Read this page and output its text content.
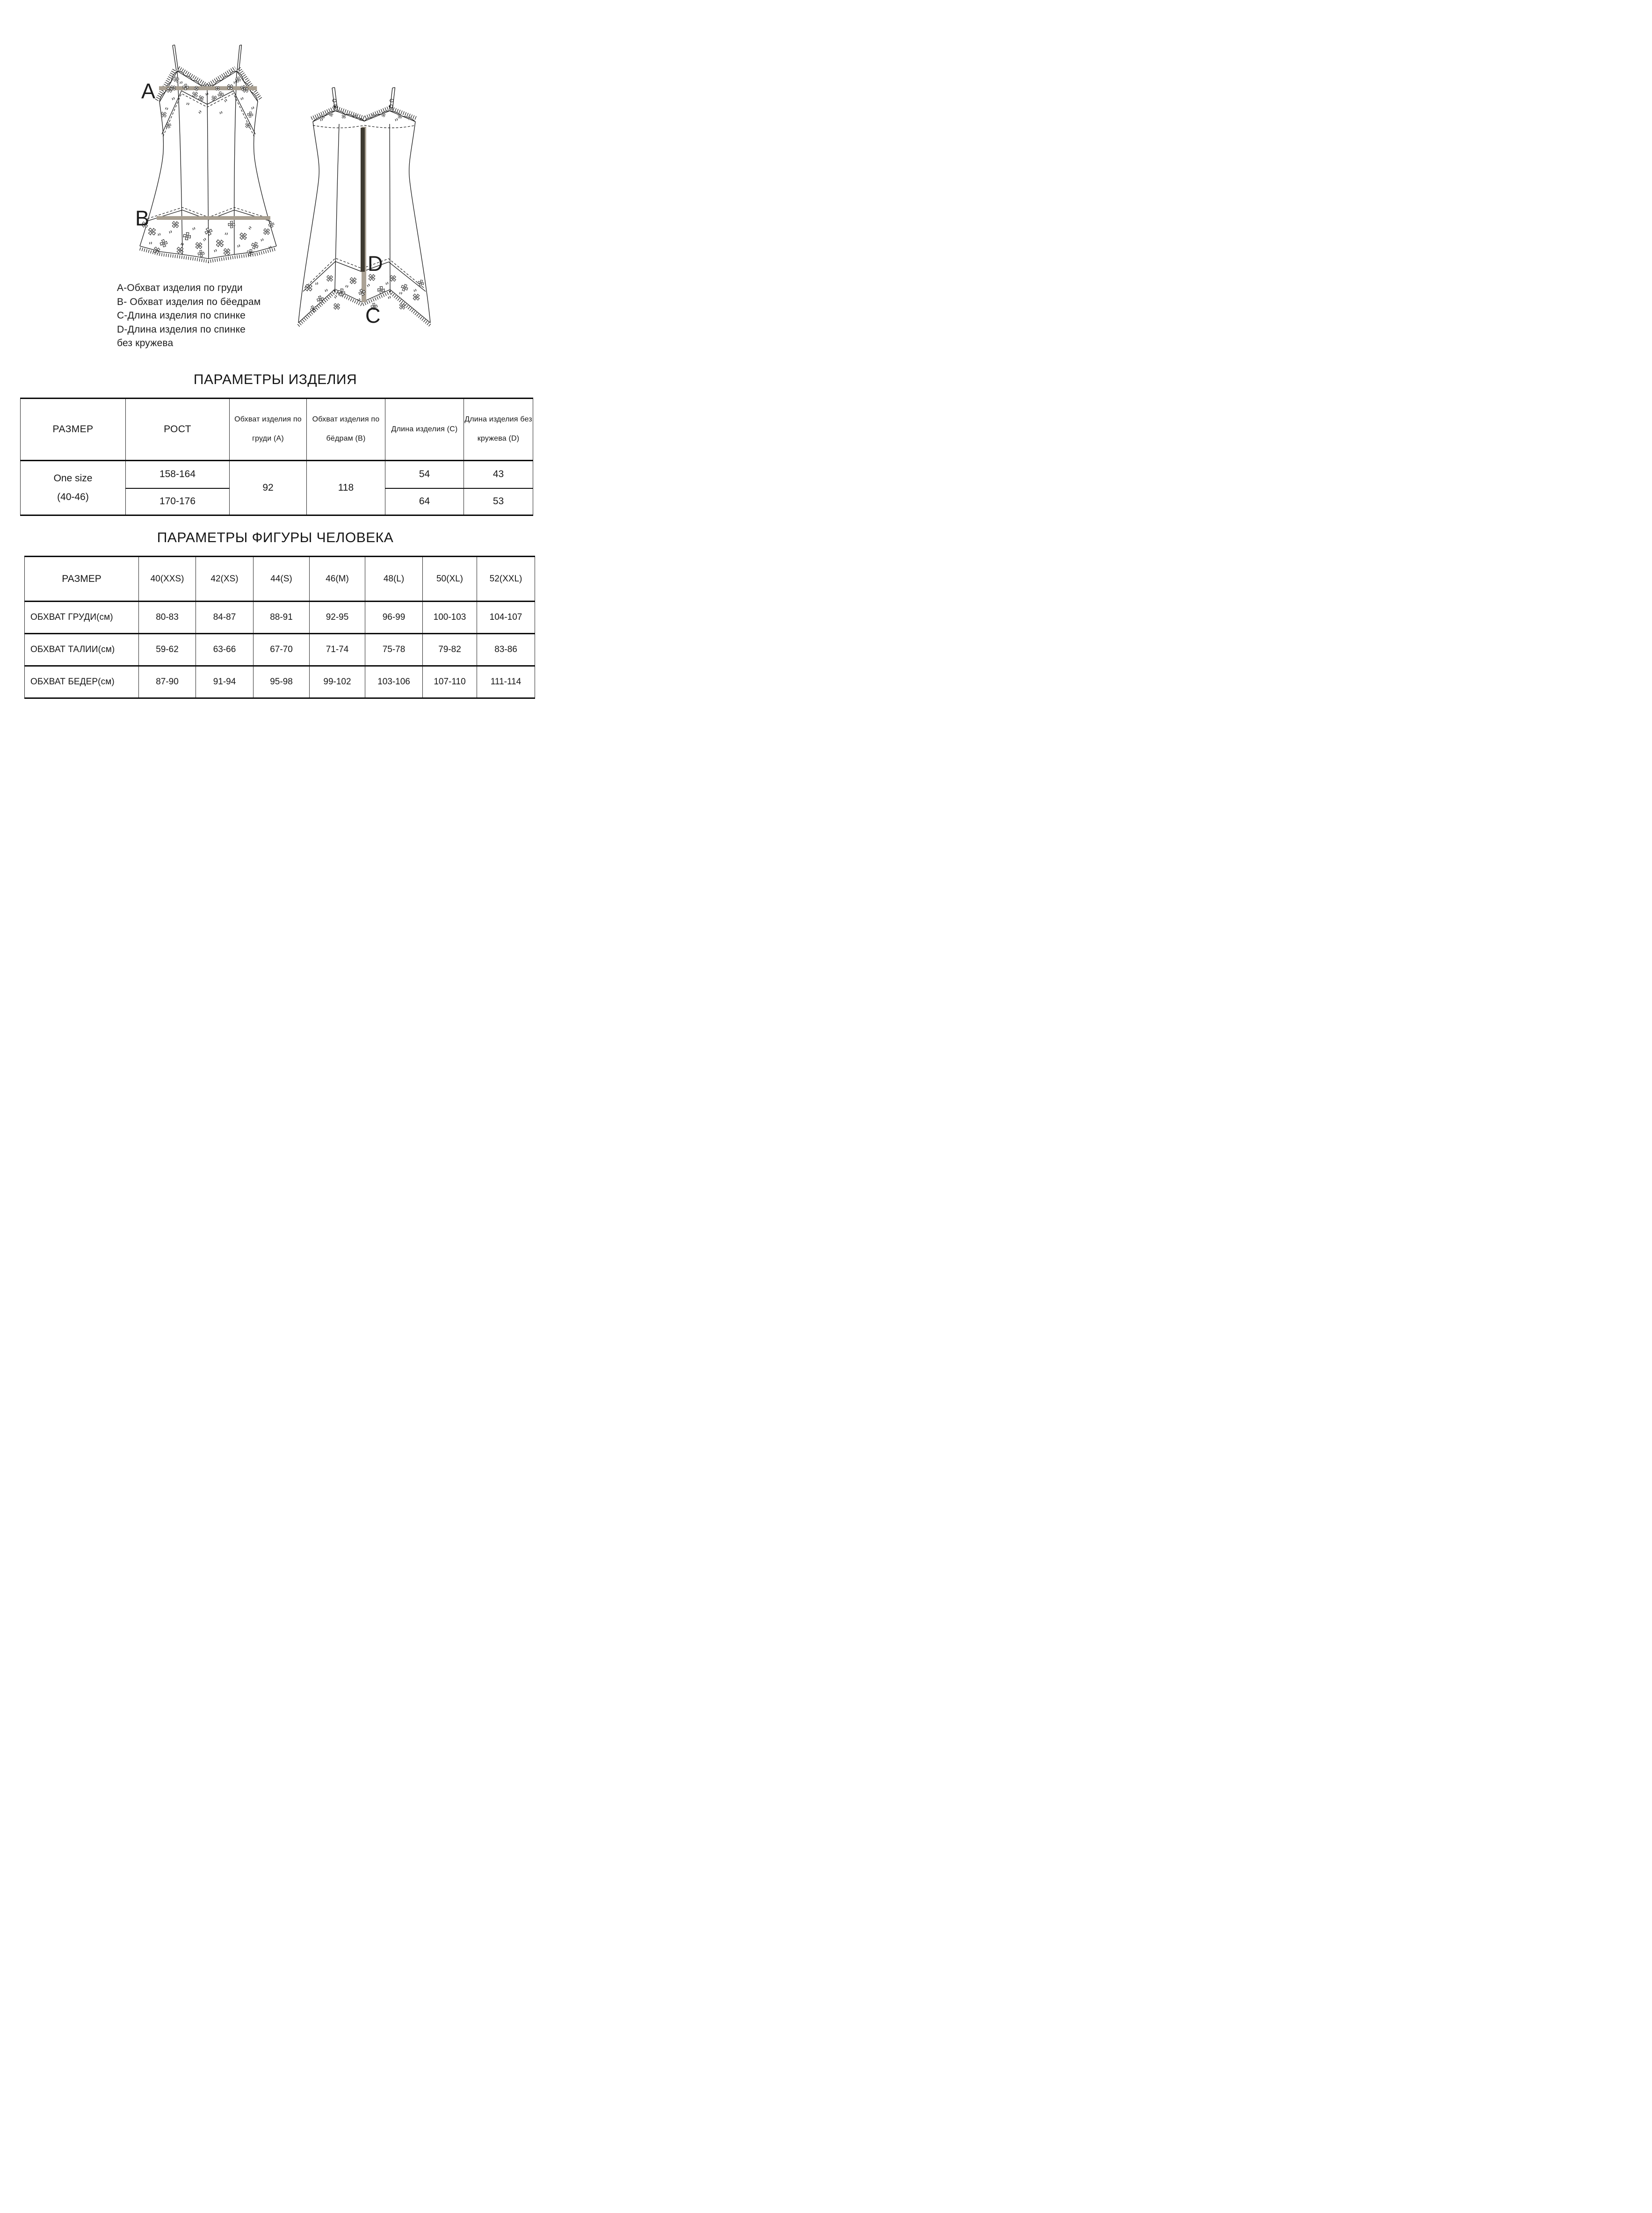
A
B
D
C
А-Обхват изделия по груди
В- Обхват изделия по бёедрам
С-Длина изделия по спинке
D-Длина изделия по спинке
без кружева
ПАРАМЕТРЫ ИЗДЕЛИЯ
РАЗМЕР	РОСТ	Обхват изделия по груди (А)	Обхват изделия по бёдрам (В)	Длина изделия (С)	Длина изделия без кружева (D)

One size
(40-46)	158-164	92	118	54	43
	170-176			64	53
ПАРАМЕТРЫ ФИГУРЫ ЧЕЛОВЕКА
РАЗМЕР	40(XXS)	42(XS)	44(S)	46(M)	48(L)	50(XL)	52(XXL)
ОБХВАТ ГРУДИ(см)	80-83	84-87	88-91	92-95	96-99	100-103	104-107
ОБХВАТ ТАЛИИ(см)	59-62	63-66	67-70	71-74	75-78	79-82	83-86
ОБХВАТ БЕДЕР(см)	87-90	91-94	95-98	99-102	103-106	107-110	111-114
